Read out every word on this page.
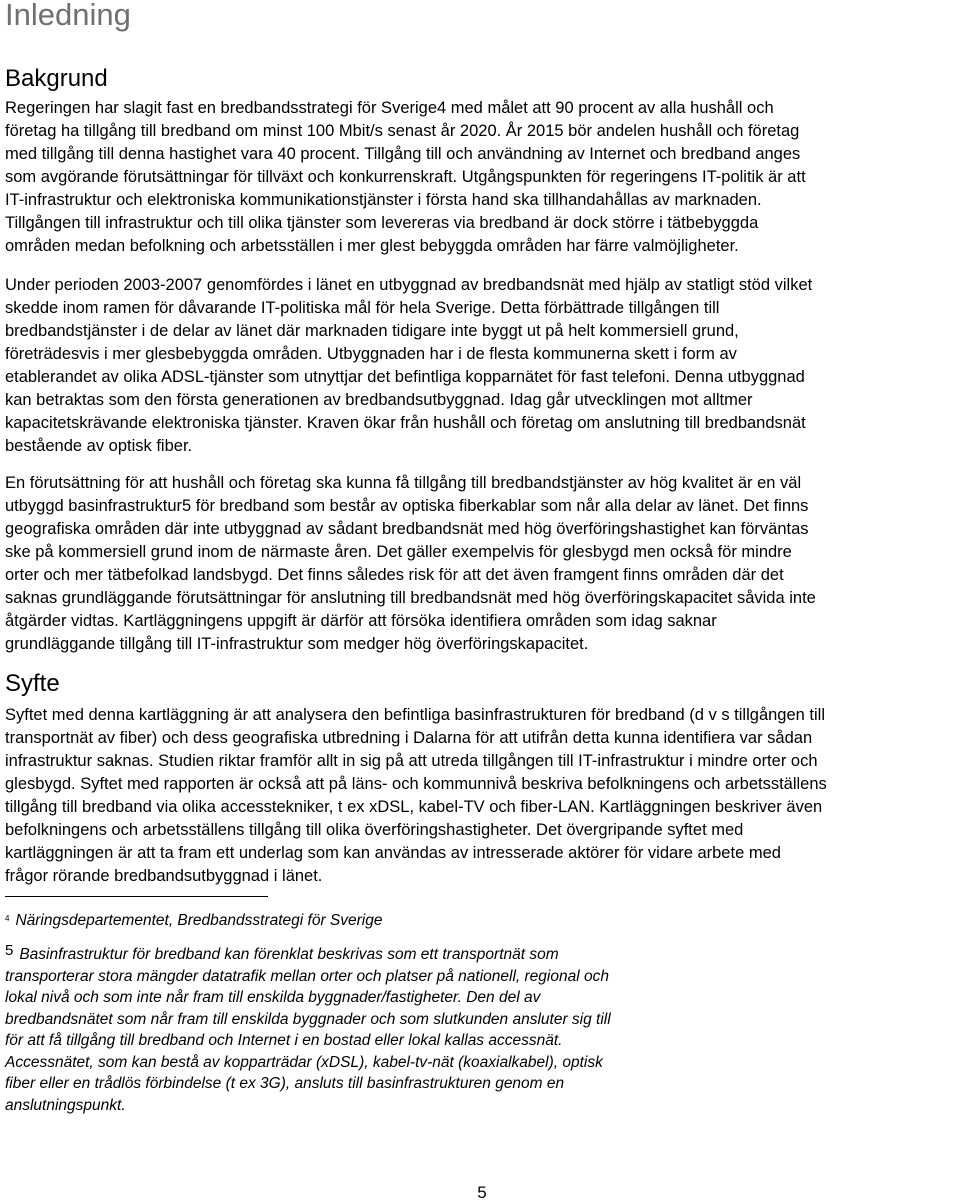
Inledning
Bakgrund

Regeringen har slagit fast en bredbandsstrategi för Sverige4 med målet att 90 procent av alla hushåll och
företag ha tillgång till bredband om minst 100 Mbit/s senast år 2020. År 2015 bör andelen hushåll och företag
med tillgång till denna hastighet vara 40 procent. Tillgång till och användning av Internet och bredband anges
som avgörande förutsättningar för tillväxt och konkurrenskraft. Utgångspunkten för regeringens IT-politik är att
IT-infrastruktur och elektroniska kommunikationstjänster i första hand ska tillhandahållas av marknaden.
Tillgången till infrastruktur och till olika tjänster som levereras via bredband är dock större i tätbebyggda
områden medan befolkning och arbetsställen i mer glest bebyggda områden har färre valmöjligheter.

Under perioden 2003-2007 genomfördes i länet en utbyggnad av bredbandsnät med hjälp av statligt stöd vilket
skedde inom ramen för dåvarande IT-politiska mål för hela Sverige. Detta förbättrade tillgången till
bredbandstjänster i de delar av länet där marknaden tidigare inte byggt ut på helt kommersiell grund,
företrädesvis i mer glesbebyggda områden. Utbyggnaden har i de flesta kommunerna skett i form av
etablerandet av olika ADSL-tjänster som utnyttjar det befintliga kopparnätet för fast telefoni. Denna utbyggnad
kan betraktas som den första generationen av bredbandsutbyggnad. Idag går utvecklingen mot alltmer
kapacitetskrävande elektroniska tjänster. Kraven ökar från hushåll och företag om anslutning till bredbandsnät
bestående av optisk fiber.

En förutsättning för att hushåll och företag ska kunna få tillgång till bredbandstjänster av hög kvalitet är en väl
utbyggd basinfrastruktur5 för bredband som består av optiska fiberkablar som når alla delar av länet. Det finns
geografiska områden där inte utbyggnad av sådant bredbandsnät med hög överföringshastighet kan förväntas
ske på kommersiell grund inom de närmaste åren. Det gäller exempelvis för glesbygd men också för mindre
orter och mer tätbefolkad landsbygd. Det finns således risk för att det även framgent finns områden där det
saknas grundläggande förutsättningar för anslutning till bredbandsnät med hög överföringskapacitet såvida inte
åtgärder vidtas. Kartläggningens uppgift är därför att försöka identifiera områden som idag saknar
grundläggande tillgång till IT-infrastruktur som medger hög överföringskapacitet.

Syfte

Syftet med denna kartläggning är att analysera den befintliga basinfrastrukturen för bredband (d v s tillgången till
transportnät av fiber) och dess geografiska utbredning i Dalarna för att utifrån detta kunna identifiera var sådan
infrastruktur saknas. Studien riktar framför allt in sig på att utreda tillgången till IT-infrastruktur i mindre orter och
glesbygd. Syftet med rapporten är också att på läns- och kommunnivå beskriva befolkningens och arbetsställens
tillgång till bredband via olika accesstekniker, t ex xDSL, kabel-TV och fiber-LAN. Kartläggningen beskriver även
befolkningens och arbetsställens tillgång till olika överföringshastigheter. Det övergripande syftet med
kartläggningen är att ta fram ett underlag som kan användas av intresserade aktörer för vidare arbete med
frågor rörande bredbandsutbyggnad i länet.

$^4$ Näringsdepartementet, Bredbandsstrategi för Sverige

5 Basinfrastruktur för bredband kan förenklat beskrivas som ett transportnät som
transporterar stora mängder datatrafik mellan orter och platser på nationell, regional och
lokal nivå och som inte når fram till enskilda byggnader/fastigheter. Den del av
bredbandsnätet som når fram till enskilda byggnader och som slutkunden ansluter sig till
för att få tillgång till bredband och Internet i en bostad eller lokal kallas accessnät.
Accessnätet, som kan bestå av kopparträdar (xDSL), kabel-tv-nät (koaxialkabel), optisk
fiber eller en trådlös förbindelse (t ex 3G), ansluts till basinfrastrukturen genom en
anslutningspunkt.

5
